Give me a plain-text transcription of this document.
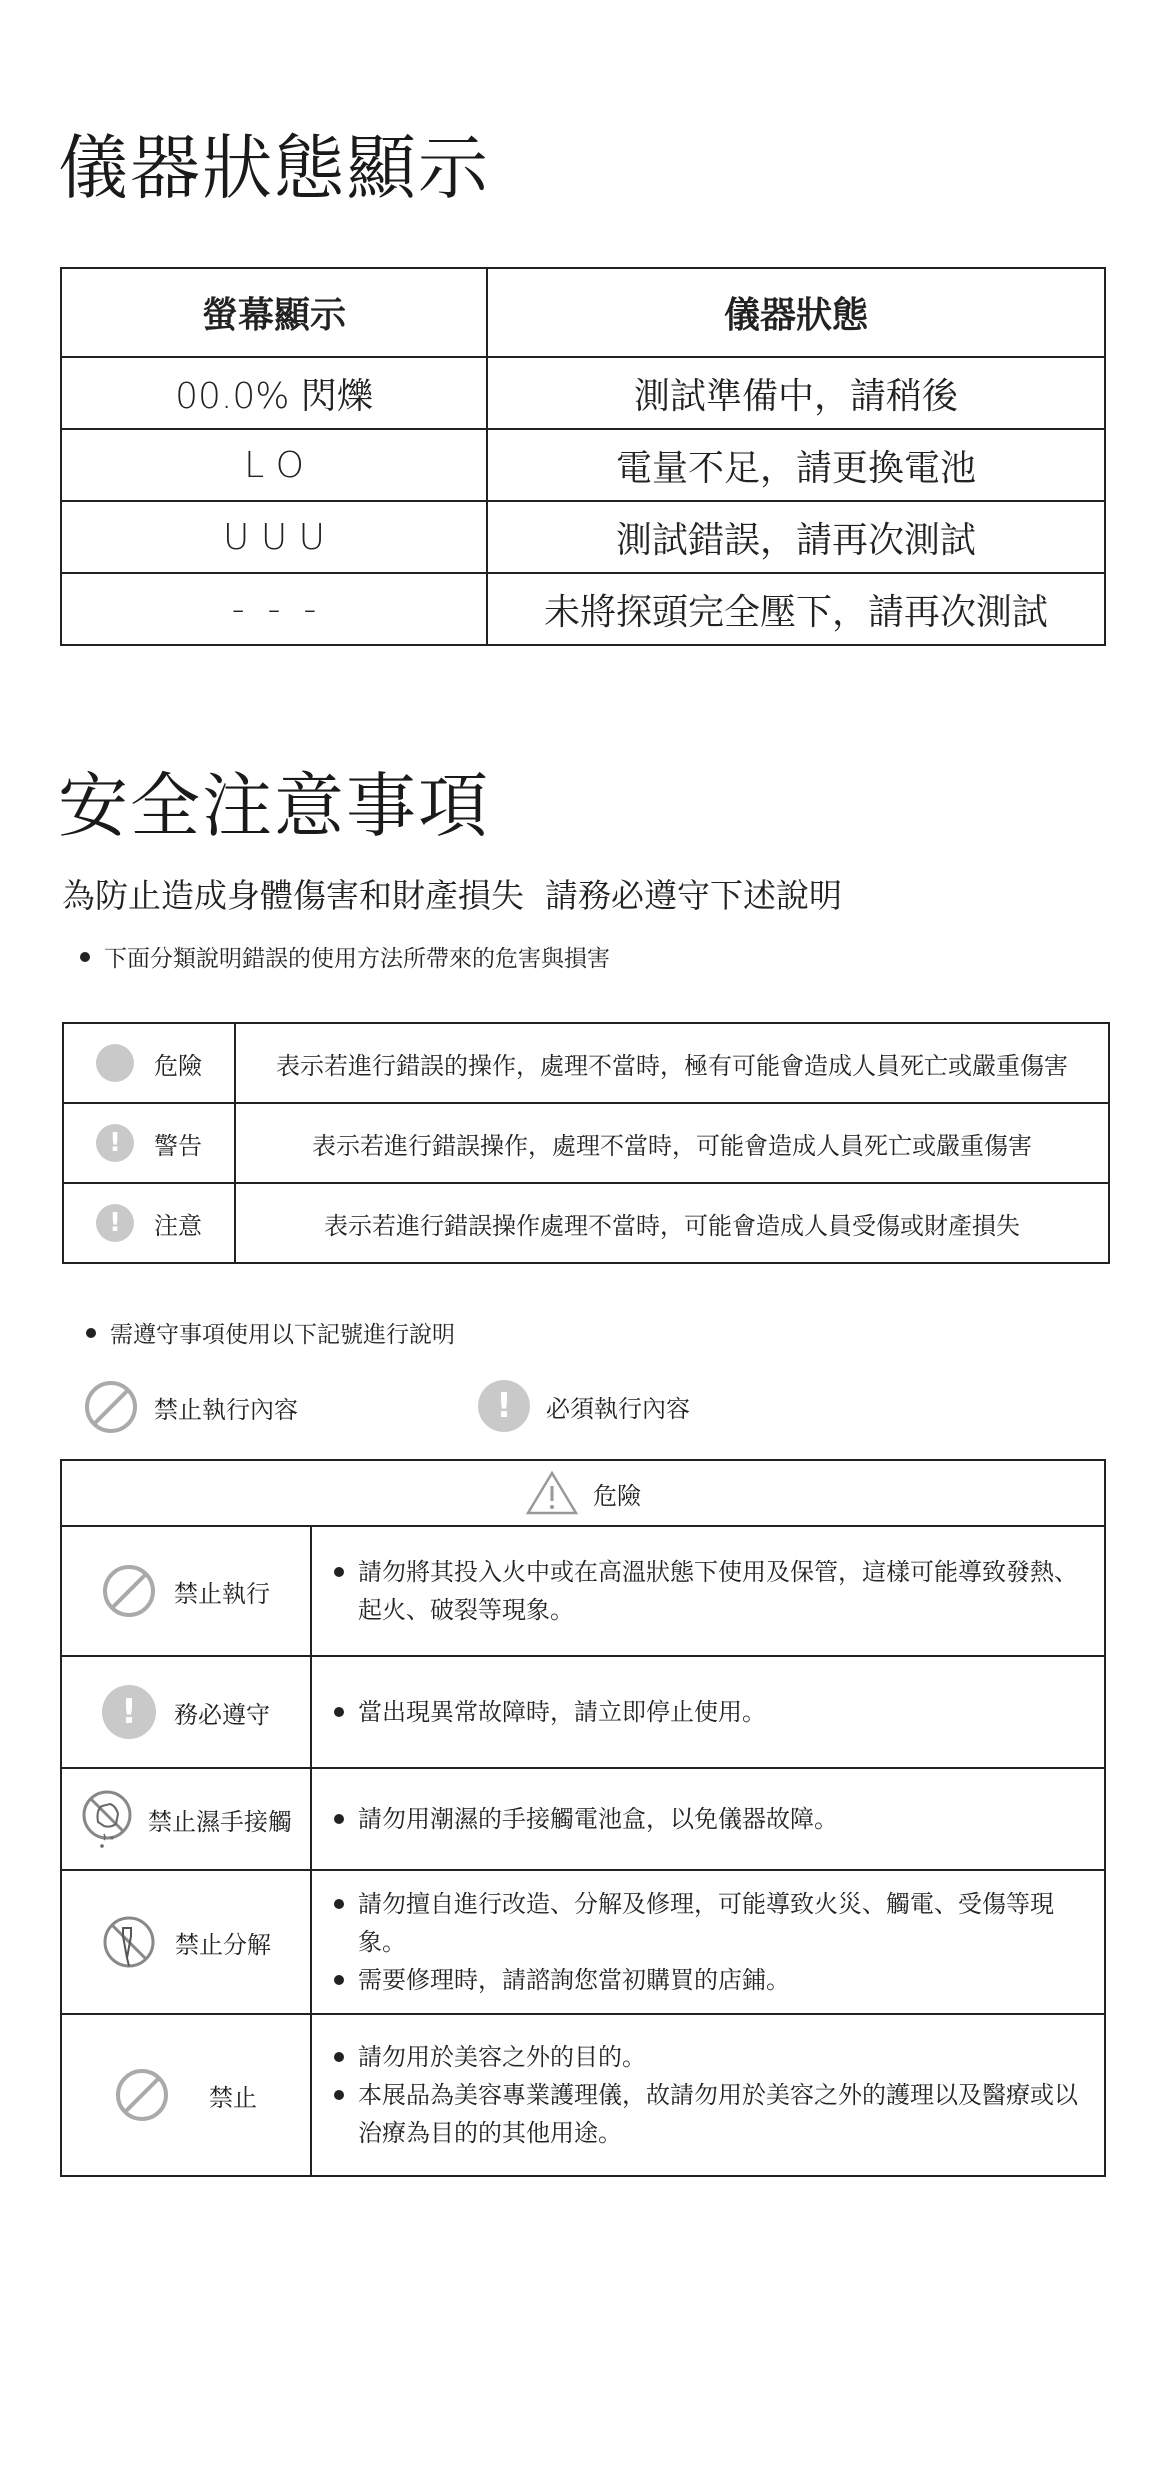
儀器狀態顯示
螢幕顯示	儀器狀態
00.0% 閃爍	測試準備中，請稍後
L O	電量不足，請更換電池
U U U	測試錯誤，請再次測試
-  -  -	未將探頭完全壓下，請再次測試
安全注意事項
為防止造成身體傷害和財產損失  請務必遵守下述說明
下面分類說明錯誤的使用方法所帶來的危害與損害
危險	表示若進行錯誤的操作，處理不當時，極有可能會造成人員死亡或嚴重傷害

! 警告	表示若進行錯誤操作，處理不當時，可能會造成人員死亡或嚴重傷害

! 注意	表示若進行錯誤操作處理不當時，可能會造成人員受傷或財產損失
需遵守事項使用以下記號進行說明
禁止執行內容	!	必須執行內容
危險	

禁止執行	請勿將其投入火中或在高溫狀態下使用及保管，這樣可能導致發熱、起火、破裂等現象。

! 務必遵守	當出現異常故障時，請立即停止使用。

禁止濕手接觸	請勿用潮濕的手接觸電池盒，以免儀器故障。

禁止分解	請勿擅自進行改造、分解及修理，可能導致火災、觸電、受傷等現象。
需要修理時，請諮詢您當初購買的店鋪。

禁止	請勿用於美容之外的目的。
本展品為美容專業護理儀，故請勿用於美容之外的護理以及醫療或以治療為目的的其他用途。
